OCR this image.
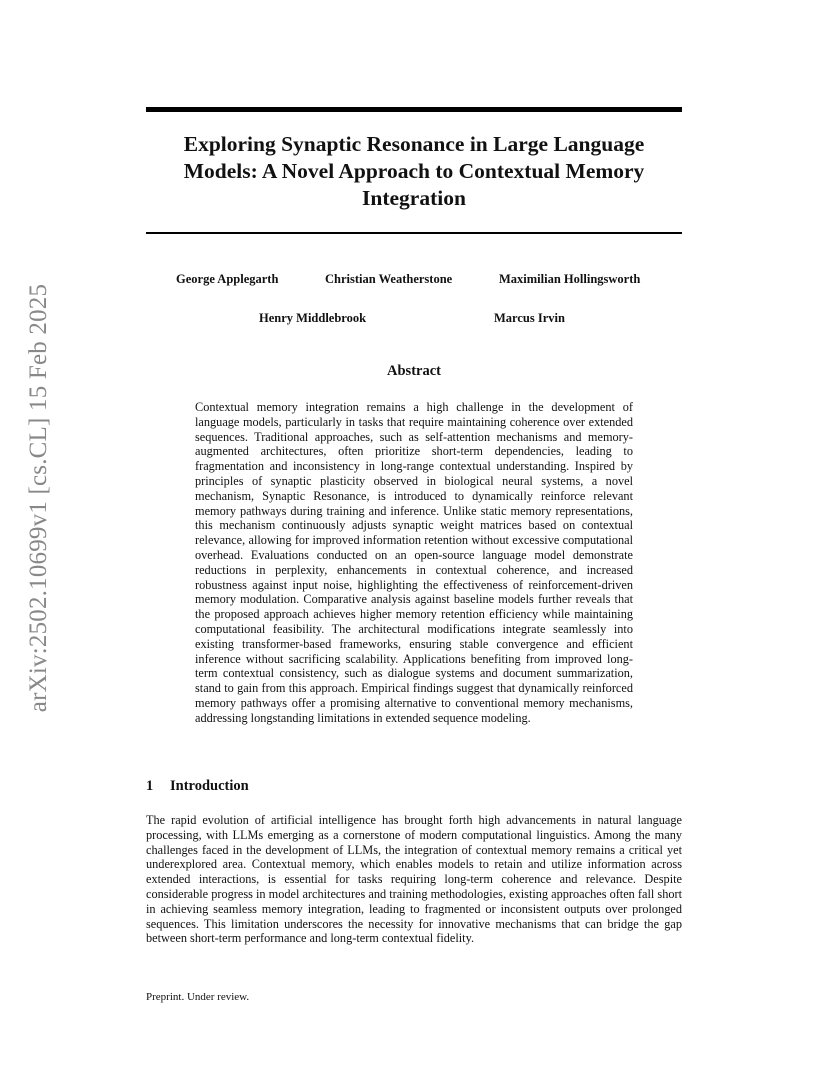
arXiv:2502.10699v1 [cs.CL] 15 Feb 2025
Exploring Synaptic Resonance in Large Language Models: A Novel Approach to Contextual Memory Integration
George Applegarth	Christian Weatherstone	Maximilian Hollingsworth
Henry Middlebrook	Marcus Irvin
Abstract

Contextual memory integration remains a high challenge in the development of language models, particularly in tasks that require maintaining coherence over extended sequences. Traditional approaches, such as self-attention mechanisms and memory-augmented architectures, often prioritize short-term dependencies, leading to fragmentation and inconsistency in long-range contextual understanding. Inspired by principles of synaptic plasticity observed in biological neural systems, a novel mechanism, Synaptic Resonance, is introduced to dynamically reinforce relevant memory pathways during training and inference. Unlike static memory representations, this mechanism continuously adjusts synaptic weight matrices based on contextual relevance, allowing for improved information retention without excessive computational overhead. Evaluations conducted on an open-source language model demonstrate reductions in perplexity, enhancements in contextual coherence, and increased robustness against input noise, highlighting the effectiveness of reinforcement-driven memory modulation. Comparative analysis against baseline models further reveals that the proposed approach achieves higher memory retention efficiency while maintaining computational feasibility. The architectural modifications integrate seamlessly into existing transformer-based frameworks, ensuring stable convergence and efficient inference without sacrificing scalability. Applications benefiting from improved long-term contextual consistency, such as dialogue systems and document summarization, stand to gain from this approach. Empirical findings suggest that dynamically reinforced memory pathways offer a promising alternative to conventional memory mechanisms, addressing longstanding limitations in extended sequence modeling.

1 Introduction

The rapid evolution of artificial intelligence has brought forth high advancements in natural language processing, with LLMs emerging as a cornerstone of modern computational linguistics. Among the many challenges faced in the development of LLMs, the integration of contextual memory remains a critical yet underexplored area. Contextual memory, which enables models to retain and utilize information across extended interactions, is essential for tasks requiring long-term coherence and relevance. Despite considerable progress in model architectures and training methodologies, existing approaches often fall short in achieving seamless memory integration, leading to fragmented or inconsistent outputs over prolonged sequences. This limitation underscores the necessity for innovative mechanisms that can bridge the gap between short-term performance and long-term contextual fidelity.

Preprint. Under review.
